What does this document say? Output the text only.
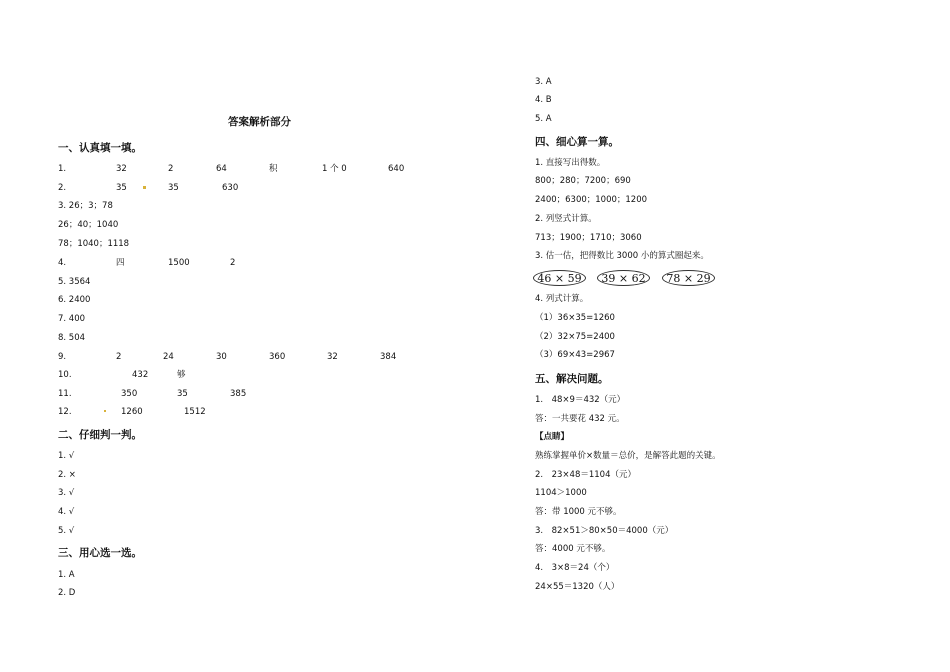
答案解析部分
一、认真填一填。
1.	32	2	64	积	1 个 0	640
2.	35	35	630
3. 26；3；78
26；40；1040
78；1040；1118
4.	四	1500	2
5. 3564
6. 2400
7. 400
8. 504
9.	2	24	30	360	32	384
10.	432	够
11.	350	35	385
12.	1260	1512
二、仔细判一判。
1. √
2. ×
3. √
4. √
5. √
三、用心选一选。
1. A
2. D
3. A
4. B
5. A
四、细心算一算。
1. 直接写出得数。
800；280；7200；690
2400；6300；1000；1200
2. 列竖式计算。
713；1900；1710；3060
3. 估一估，把得数比 3000 小的算式圈起来。
46 × 59	39 × 62	78 × 29
4. 列式计算。
（1）36×35=1260
（2）32×75=2400
（3）69×43=2967
五、解决问题。
1.　48×9＝432（元）
答：一共要花 432 元。
【点睛】
熟练掌握单价×数量＝总价，是解答此题的关键。
2.　23×48＝1104（元）
1104＞1000
答：带 1000 元不够。
3.　82×51＞80×50＝4000（元）
答：4000 元不够。
4.　3×8＝24（个）
24×55＝1320（人）
